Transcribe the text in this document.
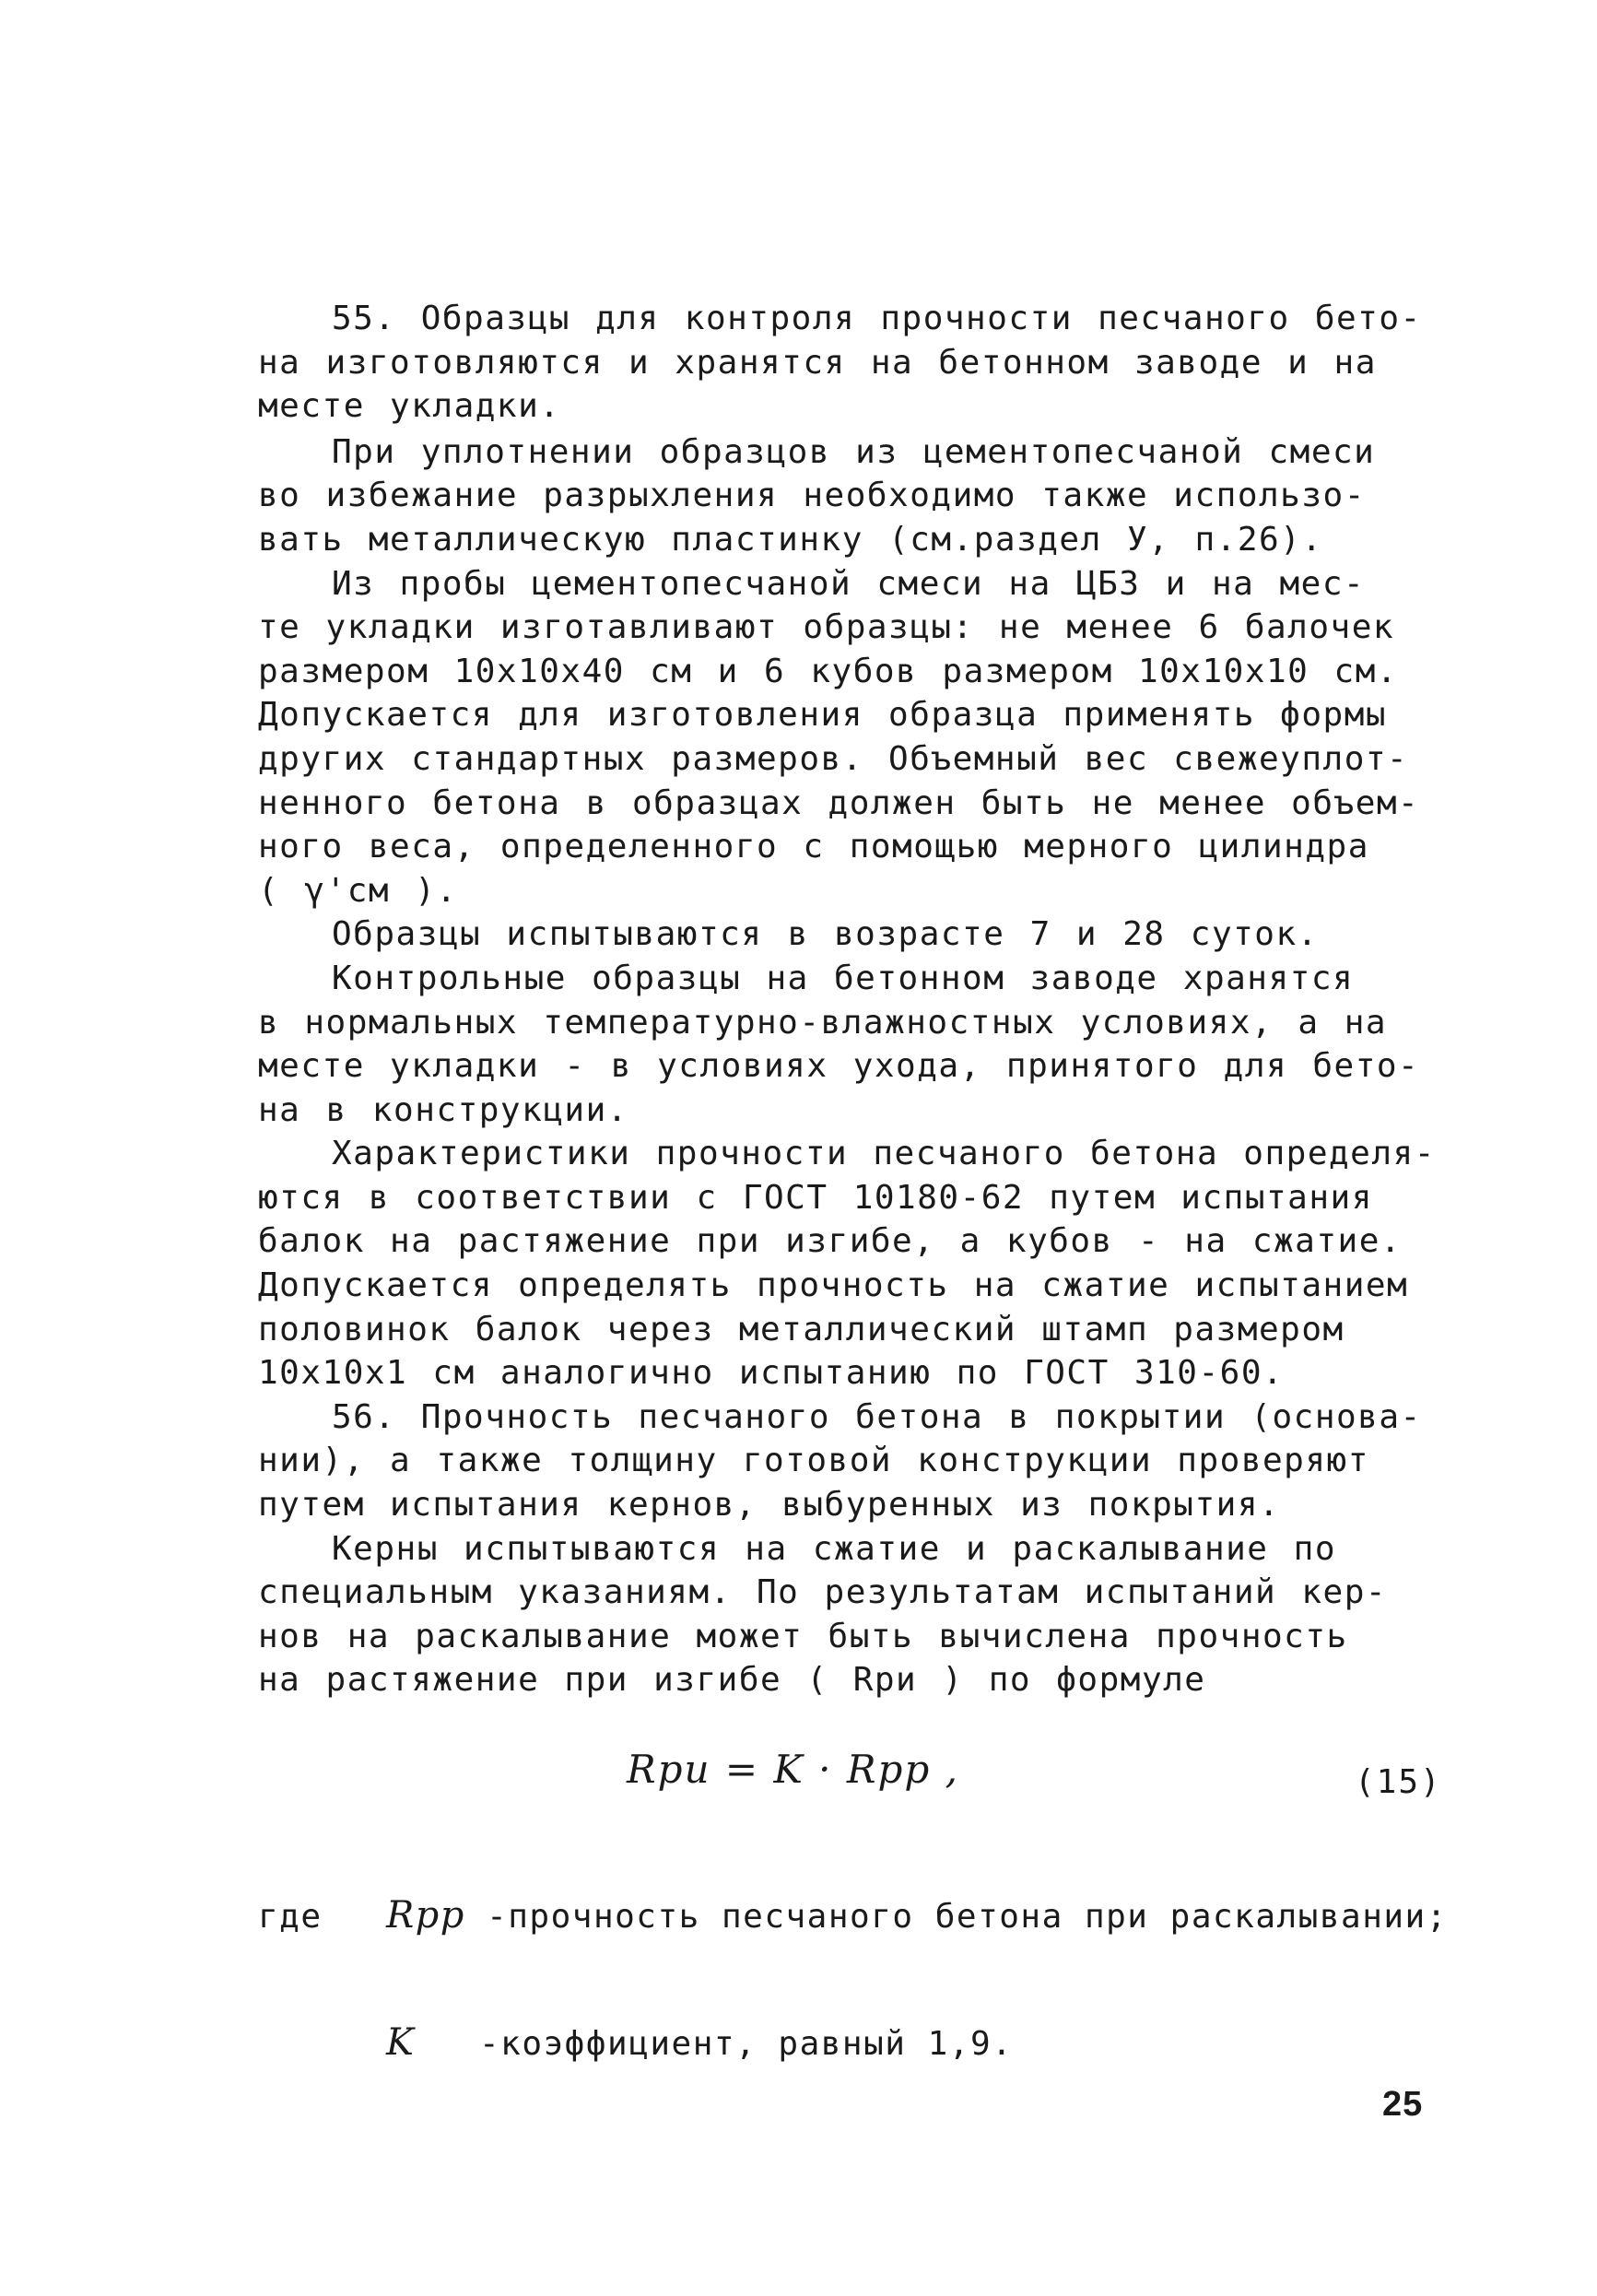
55. Образцы для контроля прочности песчаного бето-
на изготовляются и хранятся на бетонном заводе и на
месте укладки.
При уплотнении образцов из цементопесчаной смеси
во избежание разрыхления необходимо также использо-
вать металлическую пластинку (см.раздел У, п.26).
Из пробы цементопесчаной смеси на ЦБЗ и на мес-
те укладки изготавливают образцы: не менее 6 балочек
размером 10х10х40 см и 6 кубов размером 10х10х10 см.
Допускается для изготовления образца применять формы
других стандартных размеров. Объемный вес свежеуплот-
ненного бетона в образцах должен быть не менее объем-
ного веса, определенного с помощью мерного цилиндра
( γ'см ).
Образцы испытываются в возрасте 7 и 28 суток.
Контрольные образцы на бетонном заводе хранятся
в нормальных температурно-влажностных условиях, а на
месте укладки - в условиях ухода, принятого для бето-
на в конструкции.
Характеристики прочности песчаного бетона определя-
ются в соответствии с ГОСТ 10180-62 путем испытания
балок на растяжение при изгибе, а кубов - на сжатие.
Допускается определять прочность на сжатие испытанием
половинок балок через металлический штамп размером
10х10х1 см аналогично испытанию по ГОСТ 310-60.
56. Прочность песчаного бетона в покрытии (основа-
нии), а также толщину готовой конструкции проверяют
путем испытания кернов, выбуренных из покрытия.
Керны испытываются на сжатие и раскалывание по
специальным указаниям. По результатам испытаний кер-
нов на раскалывание может быть вычислена прочность
на растяжение при изгибе ( Rри ) по формуле
Rри = K · Rрр ,	(15)

где Rрр -прочность песчаного бетона при раскалывании;

K -коэффициент, равный 1,9.

25
